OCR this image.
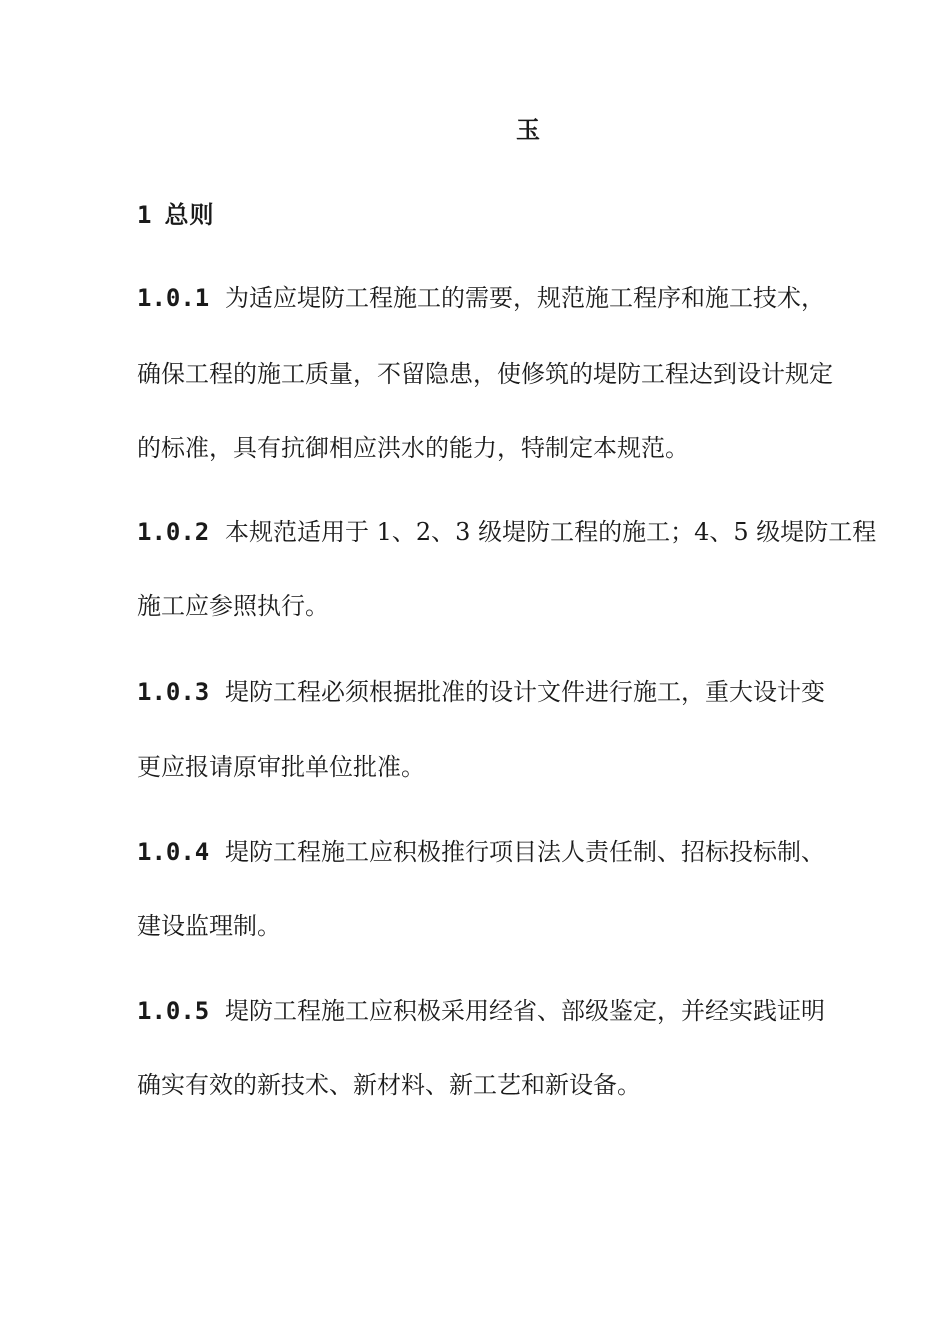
玉
1 总则
1.0.1 为适应堤防工程施工的需要，规范施工程序和施工技术，
确保工程的施工质量，不留隐患，使修筑的堤防工程达到设计规定
的标准，具有抗御相应洪水的能力，特制定本规范。
1.0.2 本规范适用于 1、2、3 级堤防工程的施工；4、5 级堤防工程
施工应参照执行。
1.0.3 堤防工程必须根据批准的设计文件进行施工，重大设计变
更应报请原审批单位批准。
1.0.4 堤防工程施工应积极推行项目法人责任制、招标投标制、
建设监理制。
1.0.5 堤防工程施工应积极采用经省、部级鉴定，并经实践证明
确实有效的新技术、新材料、新工艺和新设备。
